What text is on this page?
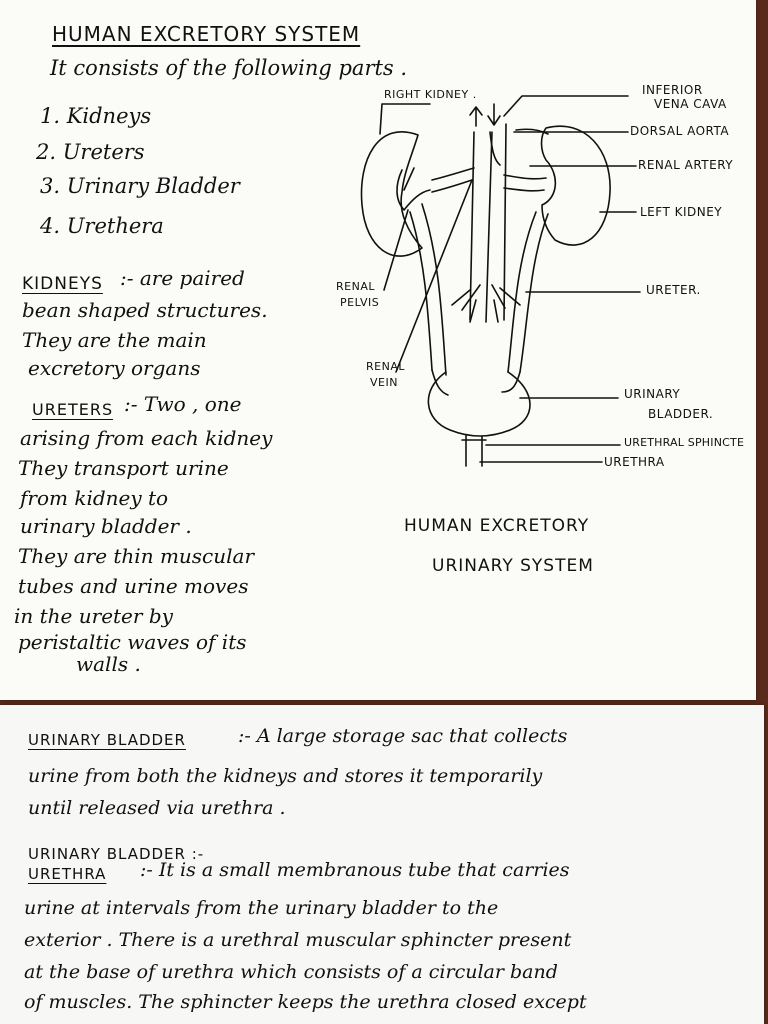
HUMAN EXCRETORY SYSTEM
It consists of the following parts .
1. Kidneys
2. Ureters
3. Urinary Bladder
4. Urethera
KIDNEYS :- are paired
bean shaped structures.
They are the main
excretory organs
URETERS :- Two , one
arising from each kidney
They transport urine
from kidney to
urinary bladder .
They are thin muscular
tubes and urine moves
in the ureter by
peristaltic waves of its
walls .
RIGHT KIDNEY .	INFERIOR
VENA CAVA
DORSAL AORTA
RENAL ARTERY
LEFT KIDNEY
RENAL
PELVIS
URETER.
RENAL
VEIN
URINARY
BLADDER.
URETHRAL SPHINCTE
URETHRA
HUMAN EXCRETORY
URINARY SYSTEM
URINARY BLADDER	:- A large storage sac that collects
urine from both the kidneys and stores it temporarily
until released via urethra .
URINARY BLADDER :-
URETHRA :- It is a small membranous tube that carries
urine at intervals from the urinary bladder to the
exterior . There is a urethral muscular sphincter present
at the base of urethra which consists of a circular band
of muscles. The sphincter keeps the urethra closed except
